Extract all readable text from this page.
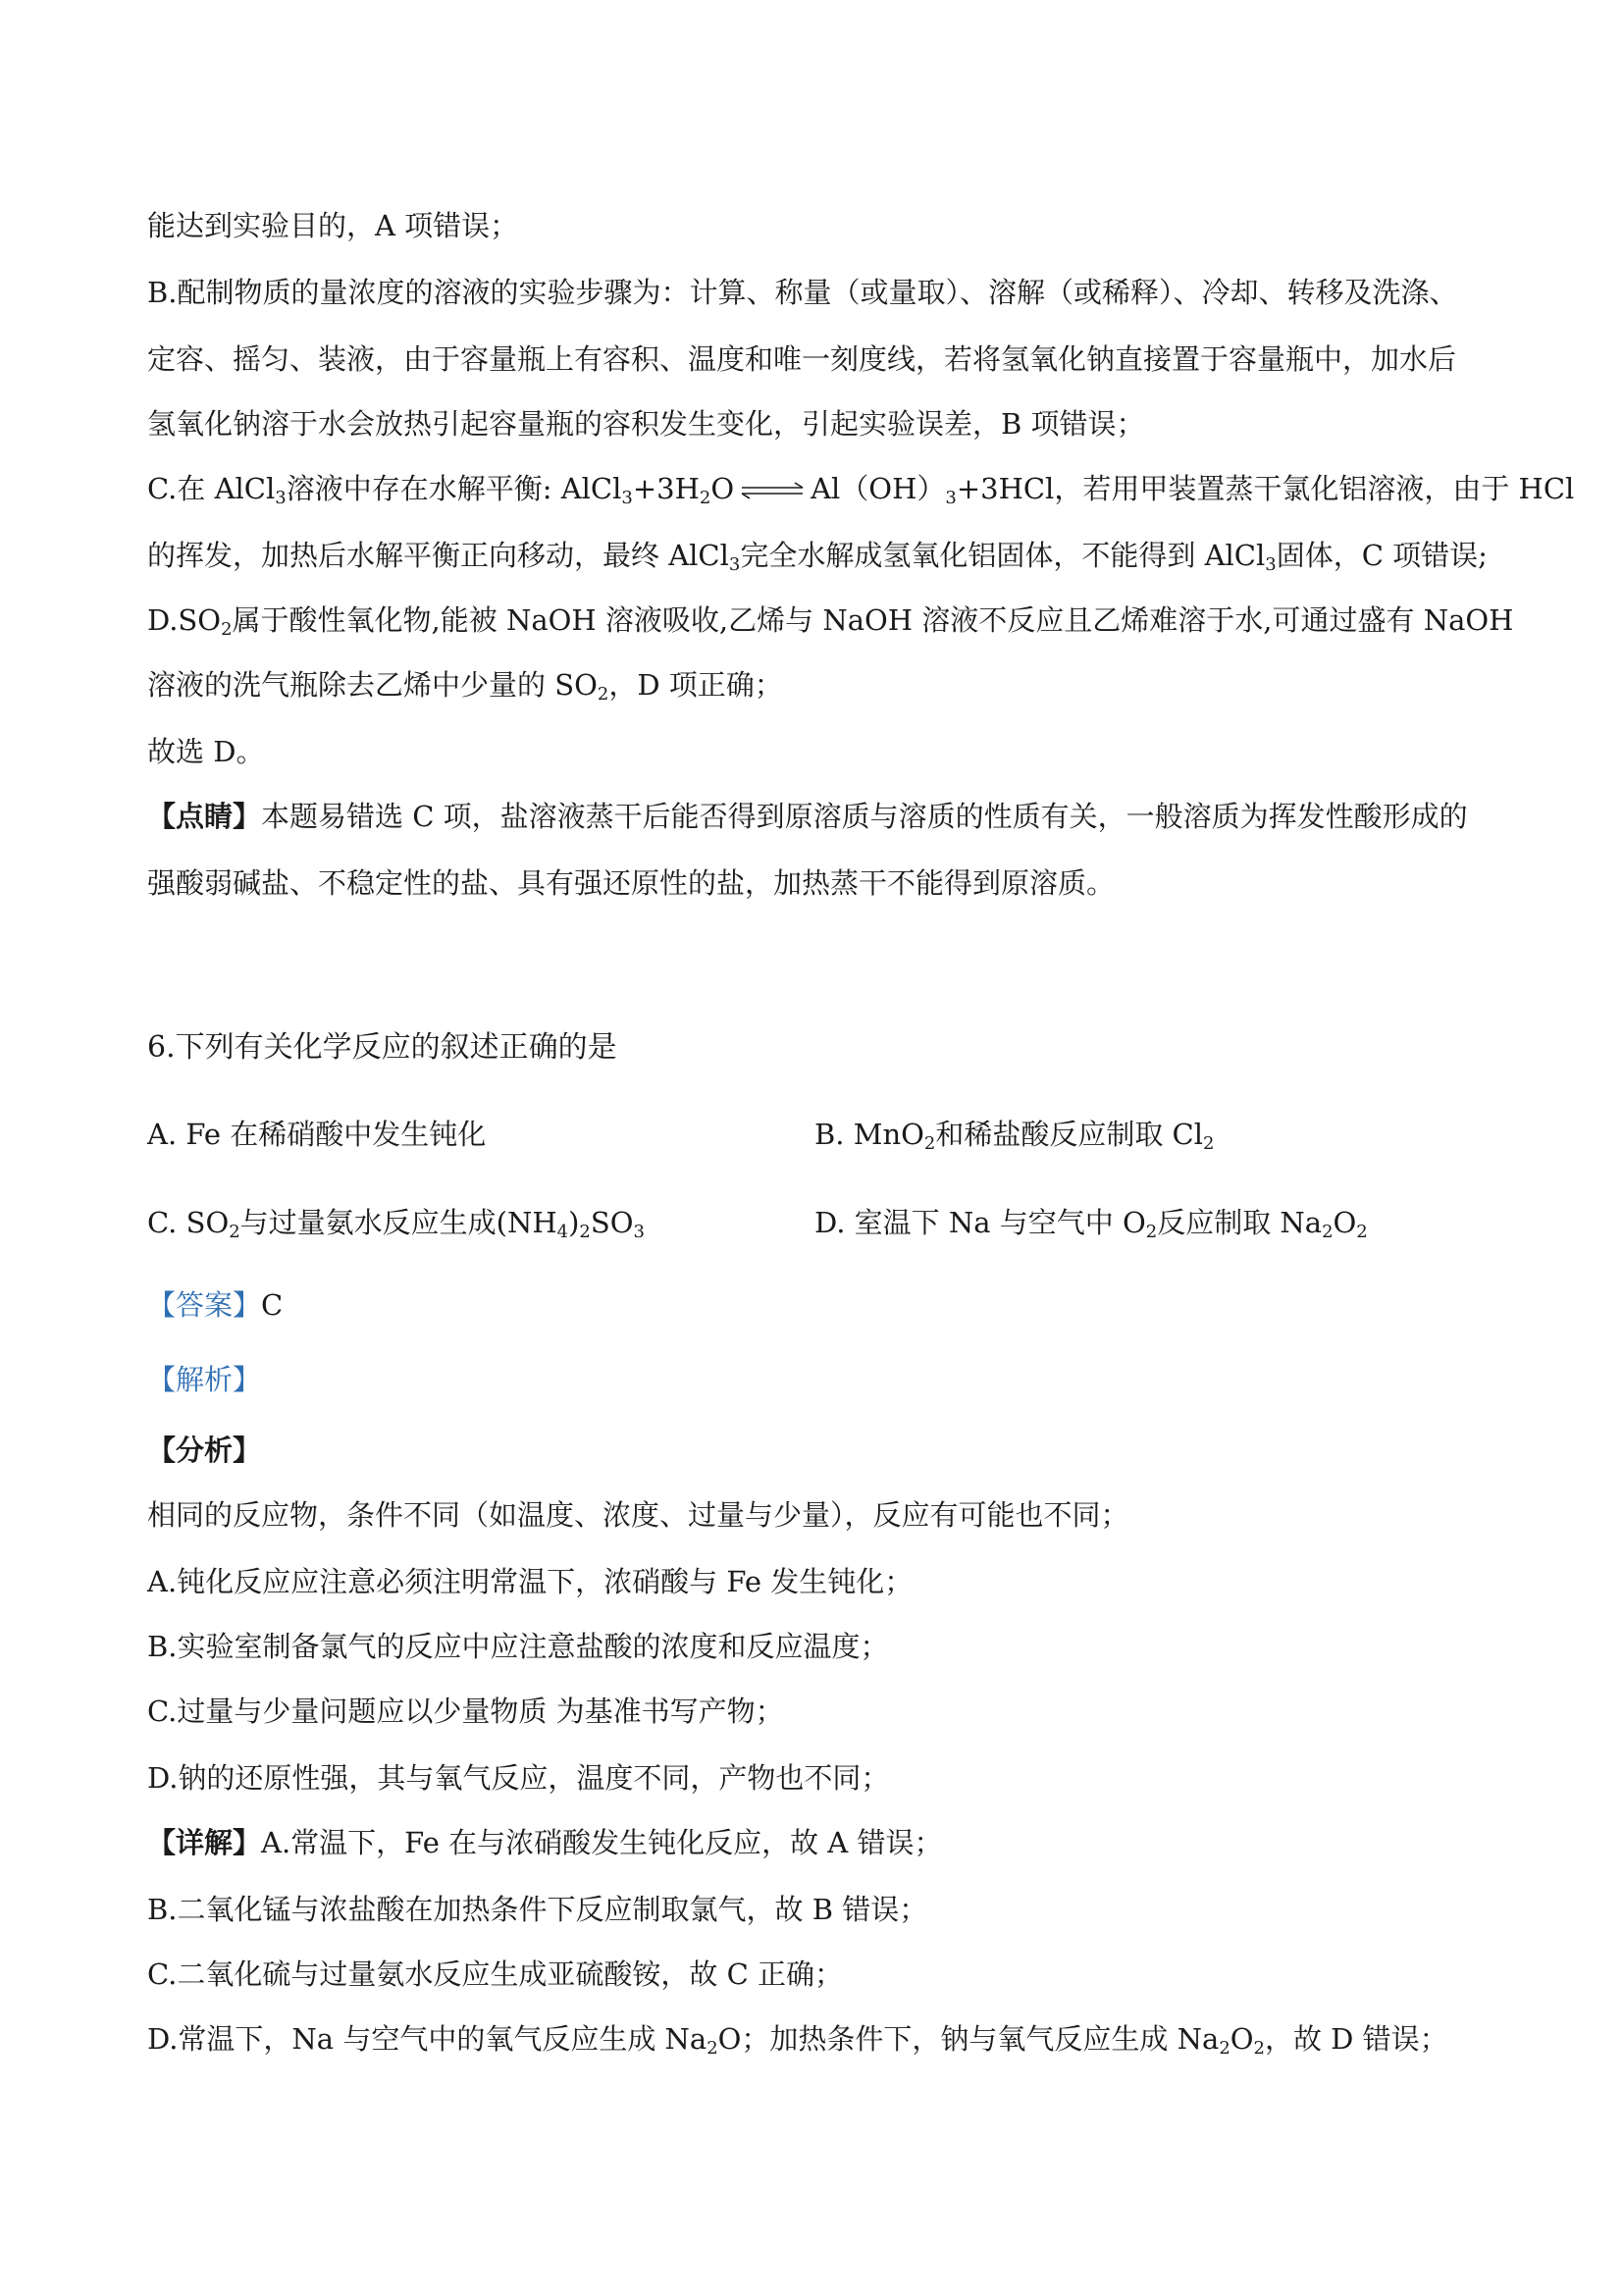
能达到实验目的，A 项错误；
B.配制物质的量浓度的溶液的实验步骤为：计算、称量（或量取）、溶解（或稀释）、冷却、转移及洗涤、
定容、摇匀、装液，由于容量瓶上有容积、温度和唯一刻度线，若将氢氧化钠直接置于容量瓶中，加水后
氢氧化钠溶于水会放热引起容量瓶的容积发生变化，引起实验误差，B 项错误；
C.在 AlCl$_3$溶液中存在水解平衡: $AlCl_3+3H_2O$ ⇌ $Al(OH)_3+3HCl$，若用甲装置蒸干氯化铝溶液，由于 HCl
的挥发，加热后水解平衡正向移动，最终 AlCl$_3$完全水解成氢氧化铝固体，不能得到 AlCl$_3$固体，C 项错误;
$D.SO_2$属于酸性氧化物,能被 NaOH 溶液吸收,乙烯与 NaOH 溶液不反应且乙烯难溶于水,可通过盛有 NaOH
溶液的洗气瓶除去乙烯中少量的 $SO_2$，D 项正确；
故选 D。
【点睛】本题易错选 C 项，盐溶液蒸干后能否得到原溶质与溶质的性质有关，一般溶质为挥发性酸形成的
强酸弱碱盐、不稳定性的盐、具有强还原性的盐，加热蒸干不能得到原溶质。
6.下列有关化学反应的叙述正确的是
A. Fe 在稀硝酸中发生钝化	B. MnO$_2$和稀盐酸反应制取 $Cl_2$
C. $SO_2$与过量氨水反应生成$(NH_4)_2SO_3$	D. 室温下 Na 与空气中 $O_2$反应制取 $Na_2O_2$
【答案】C
【解析】
【分析】
相同的反应物，条件不同（如温度、浓度、过量与少量），反应有可能也不同；
A.钝化反应应注意必须注明常温下，浓硝酸与 Fe 发生钝化；
B.实验室制备氯气的反应中应注意盐酸的浓度和反应温度；
C.过量与少量问题应以少量物质 为基准书写产物；
D.钠的还原性强，其与氧气反应，温度不同，产物也不同；
【详解】A.常温下，Fe 在与浓硝酸发生钝化反应，故 A 错误；
B.二氧化锰与浓盐酸在加热条件下反应制取氯气，故 B 错误；
C.二氧化硫与过量氨水反应生成亚硫酸铵，故 C 正确；
D.常温下，Na 与空气中的氧气反应生成 $Na_2O$；加热条件下，钠与氧气反应生成 $Na_2O_2$，故 D 错误；
